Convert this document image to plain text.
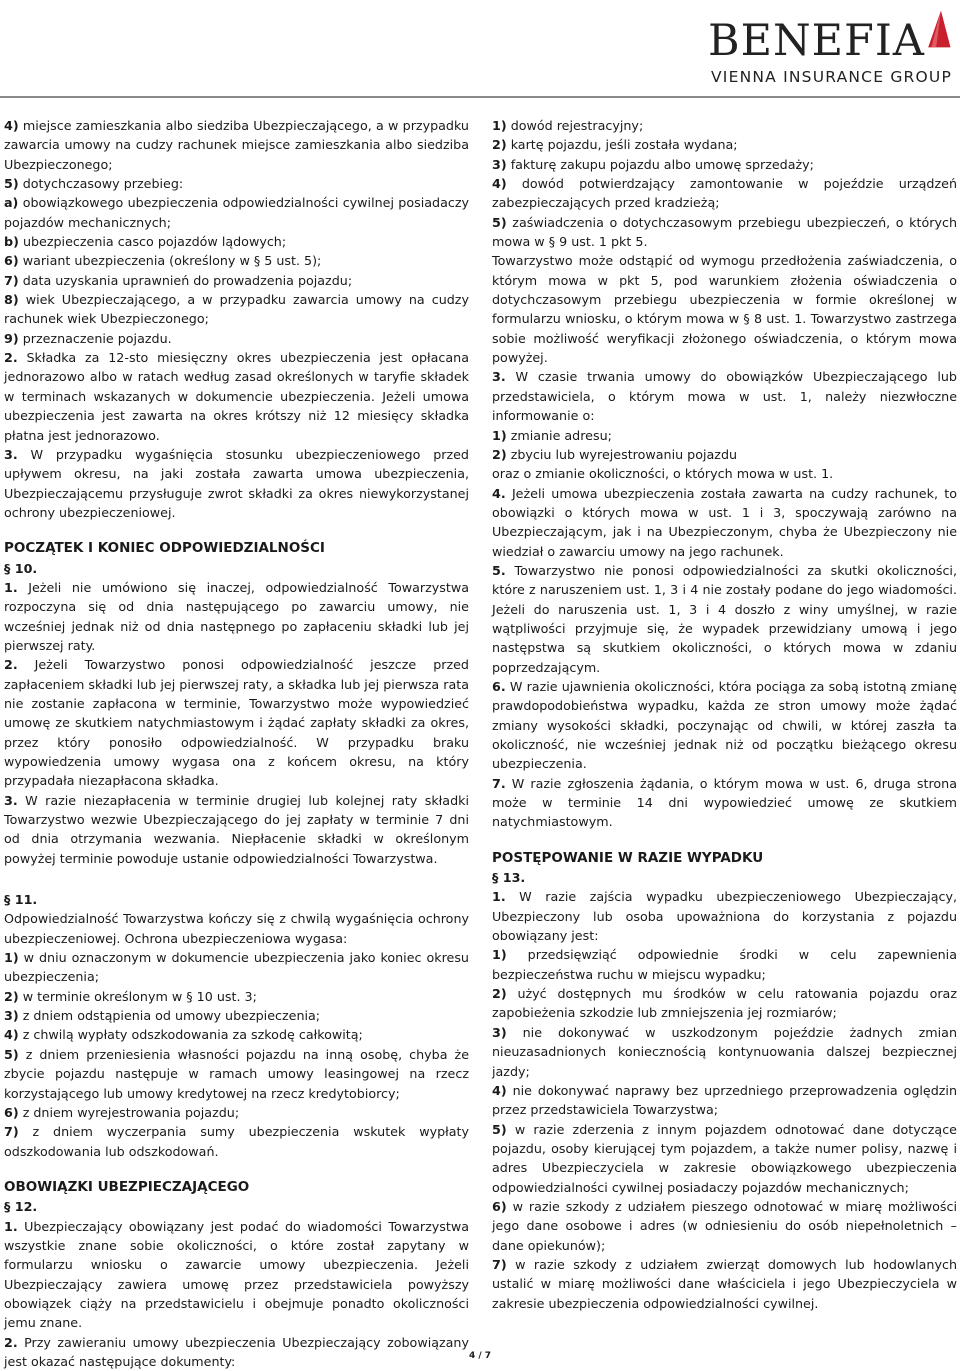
BENEFIA
VIENNA INSURANCE GROUP

4) miejsce zamieszkania albo siedziba Ubezpieczającego, a w przypadku zawarcia umowy na cudzy rachunek miejsce zamieszkania albo siedziba Ubezpieczonego;

5) dotychczasowy przebieg:

a) obowiązkowego ubezpieczenia odpowiedzialności cywilnej posiadaczy pojazdów mechanicznych;

b) ubezpieczenia casco pojazdów lądowych;

6) wariant ubezpieczenia (określony w § 5 ust. 5);

7) data uzyskania uprawnień do prowadzenia pojazdu;

8) wiek Ubezpieczającego, a w przypadku zawarcia umowy na cudzy rachunek wiek Ubezpieczonego;

9) przeznaczenie pojazdu.

2. Składka za 12-sto miesięczny okres ubezpieczenia jest opłacana jednorazowo albo w ratach według zasad określonych w taryfie składek w terminach wskazanych w dokumencie ubezpieczenia. Jeżeli umowa ubezpieczenia jest zawarta na okres krótszy niż 12 miesięcy składka płatna jest jednorazowo.

3. W przypadku wygaśnięcia stosunku ubezpieczeniowego przed upływem okresu, na jaki została zawarta umowa ubezpieczenia, Ubezpieczającemu przysługuje zwrot składki za okres niewykorzystanej ochrony ubezpieczeniowej.

POCZĄTEK I KONIEC ODPOWIEDZIALNOŚCI

§ 10.

1. Jeżeli nie umówiono się inaczej, odpowiedzialność Towarzystwa rozpoczyna się od dnia następującego po zawarciu umowy, nie wcześniej jednak niż od dnia następnego po zapłaceniu składki lub jej pierwszej raty.

2. Jeżeli Towarzystwo ponosi odpowiedzialność jeszcze przed zapłaceniem składki lub jej pierwszej raty, a składka lub jej pierwsza rata nie zostanie zapłacona w terminie, Towarzystwo może wypowiedzieć umowę ze skutkiem natychmiastowym i żądać zapłaty składki za okres, przez który ponosiło odpowiedzialność. W przypadku braku wypowiedzenia umowy wygasa ona z końcem okresu, na który przypadała niezapłacona składka.

3. W razie niezapłacenia w terminie drugiej lub kolejnej raty składki Towarzystwo wezwie Ubezpieczającego do jej zapłaty w terminie 7 dni od dnia otrzymania wezwania. Niepłacenie składki w określonym powyżej terminie powoduje ustanie odpowiedzialności Towarzystwa.

§ 11.

Odpowiedzialność Towarzystwa kończy się z chwilą wygaśnięcia ochrony ubezpieczeniowej. Ochrona ubezpieczeniowa wygasa:

1) w dniu oznaczonym w dokumencie ubezpieczenia jako koniec okresu ubezpieczenia;

2) w terminie określonym w § 10 ust. 3;

3) z dniem odstąpienia od umowy ubezpieczenia;

4) z chwilą wypłaty odszkodowania za szkodę całkowitą;

5) z dniem przeniesienia własności pojazdu na inną osobę, chyba że zbycie pojazdu następuje w ramach umowy leasingowej na rzecz korzystającego lub umowy kredytowej na rzecz kredytobiorcy;

6) z dniem wyrejestrowania pojazdu;

7) z dniem wyczerpania sumy ubezpieczenia wskutek wypłaty odszkodowania lub odszkodowań.

OBOWIĄZKI UBEZPIECZAJĄCEGO

§ 12.

1. Ubezpieczający obowiązany jest podać do wiadomości Towarzystwa wszystkie znane sobie okoliczności, o które został zapytany w formularzu wniosku o zawarcie umowy ubezpieczenia. Jeżeli Ubezpieczający zawiera umowę przez przedstawiciela powyższy obowiązek ciąży na przedstawicielu i obejmuje ponadto okoliczności jemu znane.

2. Przy zawieraniu umowy ubezpieczenia Ubezpieczający zobowiązany jest okazać następujące dokumenty:

1) dowód rejestracyjny;

2) kartę pojazdu, jeśli została wydana;

3) fakturę zakupu pojazdu albo umowę sprzedaży;

4) dowód potwierdzający zamontowanie w pojeździe urządzeń zabezpieczających przed kradzieżą;

5) zaświadczenia o dotychczasowym przebiegu ubezpieczeń, o których mowa w § 9 ust. 1 pkt 5.

Towarzystwo może odstąpić od wymogu przedłożenia zaświadczenia, o którym mowa w pkt 5, pod warunkiem złożenia oświadczenia o dotychczasowym przebiegu ubezpieczenia w formie określonej w formularzu wniosku, o którym mowa w § 8 ust. 1. Towarzystwo zastrzega sobie możliwość weryfikacji złożonego oświadczenia, o którym mowa powyżej.

3. W czasie trwania umowy do obowiązków Ubezpieczającego lub przedstawiciela, o którym mowa w ust. 1, należy niezwłoczne informowanie o:

1) zmianie adresu;

2) zbyciu lub wyrejestrowaniu pojazdu

oraz o zmianie okoliczności, o których mowa w ust. 1.

4. Jeżeli umowa ubezpieczenia została zawarta na cudzy rachunek, to obowiązki o których mowa w ust. 1 i 3, spoczywają zarówno na Ubezpieczającym, jak i na Ubezpieczonym, chyba że Ubezpieczony nie wiedział o zawarciu umowy na jego rachunek.

5. Towarzystwo nie ponosi odpowiedzialności za skutki okoliczności, które z naruszeniem ust. 1, 3 i 4 nie zostały podane do jego wiadomości. Jeżeli do naruszenia ust. 1, 3 i 4 doszło z winy umyślnej, w razie wątpliwości przyjmuje się, że wypadek przewidziany umową i jego następstwa są skutkiem okoliczności, o których mowa w zdaniu poprzedzającym.

6. W razie ujawnienia okoliczności, która pociąga za sobą istotną zmianę prawdopodobieństwa wypadku, każda ze stron umowy może żądać zmiany wysokości składki, poczynając od chwili, w której zaszła ta okoliczność, nie wcześniej jednak niż od początku bieżącego okresu ubezpieczenia.

7. W razie zgłoszenia żądania, o którym mowa w ust. 6, druga strona może w terminie 14 dni wypowiedzieć umowę ze skutkiem natychmiastowym.

POSTĘPOWANIE W RAZIE WYPADKU

§ 13.

1. W razie zajścia wypadku ubezpieczeniowego Ubezpieczający, Ubezpieczony lub osoba upoważniona do korzystania z pojazdu obowiązany jest:

1) przedsięwziąć odpowiednie środki w celu zapewnienia bezpieczeństwa ruchu w miejscu wypadku;

2) użyć dostępnych mu środków w celu ratowania pojazdu oraz zapobieżenia szkodzie lub zmniejszenia jej rozmiarów;

3) nie dokonywać w uszkodzonym pojeździe żadnych zmian nieuzasadnionych koniecznością kontynuowania dalszej bezpiecznej jazdy;

4) nie dokonywać naprawy bez uprzedniego przeprowadzenia oględzin przez przedstawiciela Towarzystwa;

5) w razie zderzenia z innym pojazdem odnotować dane dotyczące pojazdu, osoby kierującej tym pojazdem, a także numer polisy, nazwę i adres Ubezpieczyciela w zakresie obowiązkowego ubezpieczenia odpowiedzialności cywilnej posiadaczy pojazdów mechanicznych;

6) w razie szkody z udziałem pieszego odnotować w miarę możliwości jego dane osobowe i adres (w odniesieniu do osób niepełnoletnich – dane opiekunów);

7) w razie szkody z udziałem zwierząt domowych lub hodowlanych ustalić w miarę możliwości dane właściciela i jego Ubezpieczyciela w zakresie ubezpieczenia odpowiedzialności cywilnej.

4 / 7
